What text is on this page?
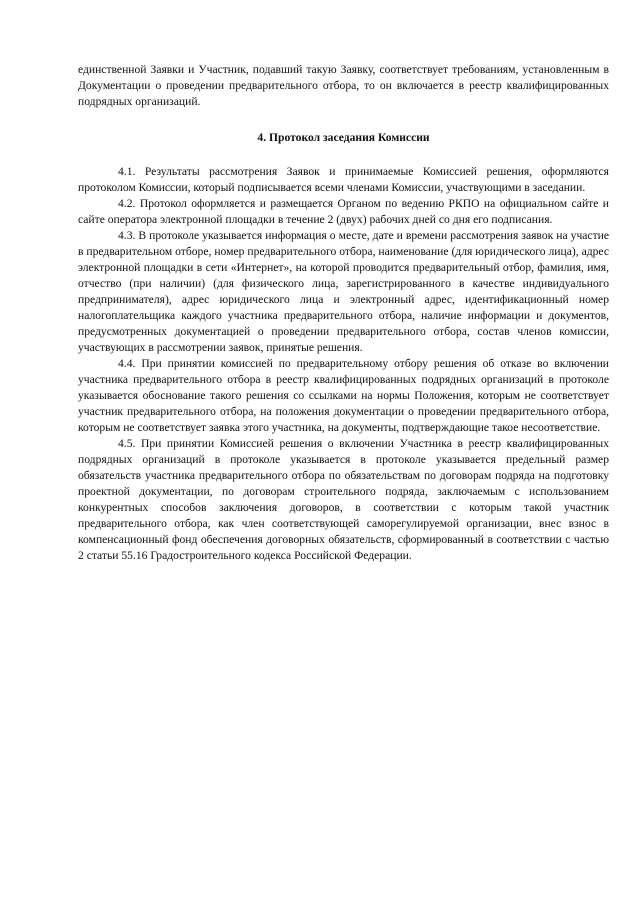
единственной Заявки и Участник, подавший такую Заявку, соответствует требованиям, установленным в Документации о проведении предварительного отбора, то он включается в реестр квалифицированных подрядных организаций.

4. Протокол заседания Комиссии

4.1. Результаты рассмотрения Заявок и принимаемые Комиссией решения, оформляются протоколом Комиссии, который подписывается всеми членами Комиссии, участвующими в заседании.

4.2. Протокол оформляется и размещается Органом по ведению РКПО на официальном сайте и сайте оператора электронной площадки в течение 2 (двух) рабочих дней со дня его подписания.

4.3. В протоколе указывается информация о месте, дате и времени рассмотрения заявок на участие в предварительном отборе, номер предварительного отбора, наименование (для юридического лица), адрес электронной площадки в сети «Интернет», на которой проводится предварительный отбор, фамилия, имя, отчество (при наличии) (для физического лица, зарегистрированного в качестве индивидуального предпринимателя), адрес юридического лица и электронный адрес, идентификационный номер налогоплательщика каждого участника предварительного отбора, наличие информации и документов, предусмотренных документацией о проведении предварительного отбора, состав членов комиссии, участвующих в рассмотрении заявок, принятые решения.

4.4. При принятии комиссией по предварительному отбору решения об отказе во включении участника предварительного отбора в реестр квалифицированных подрядных организаций в протоколе указывается обоснование такого решения со ссылками на нормы Положения, которым не соответствует участник предварительного отбора, на положения документации о проведении предварительного отбора, которым не соответствует заявка этого участника, на документы, подтверждающие такое несоответствие.

4.5. При принятии Комиссией решения о включении Участника в реестр квалифицированных подрядных организаций в протоколе указывается в протоколе указывается предельный размер обязательств участника предварительного отбора по обязательствам по договорам подряда на подготовку проектной документации, по договорам строительного подряда, заключаемым с использованием конкурентных способов заключения договоров, в соответствии с которым такой участник предварительного отбора, как член соответствующей саморегулируемой организации, внес взнос в компенсационный фонд обеспечения договорных обязательств, сформированный в соответствии с частью 2 статьи 55.16 Градостроительного кодекса Российской Федерации.
